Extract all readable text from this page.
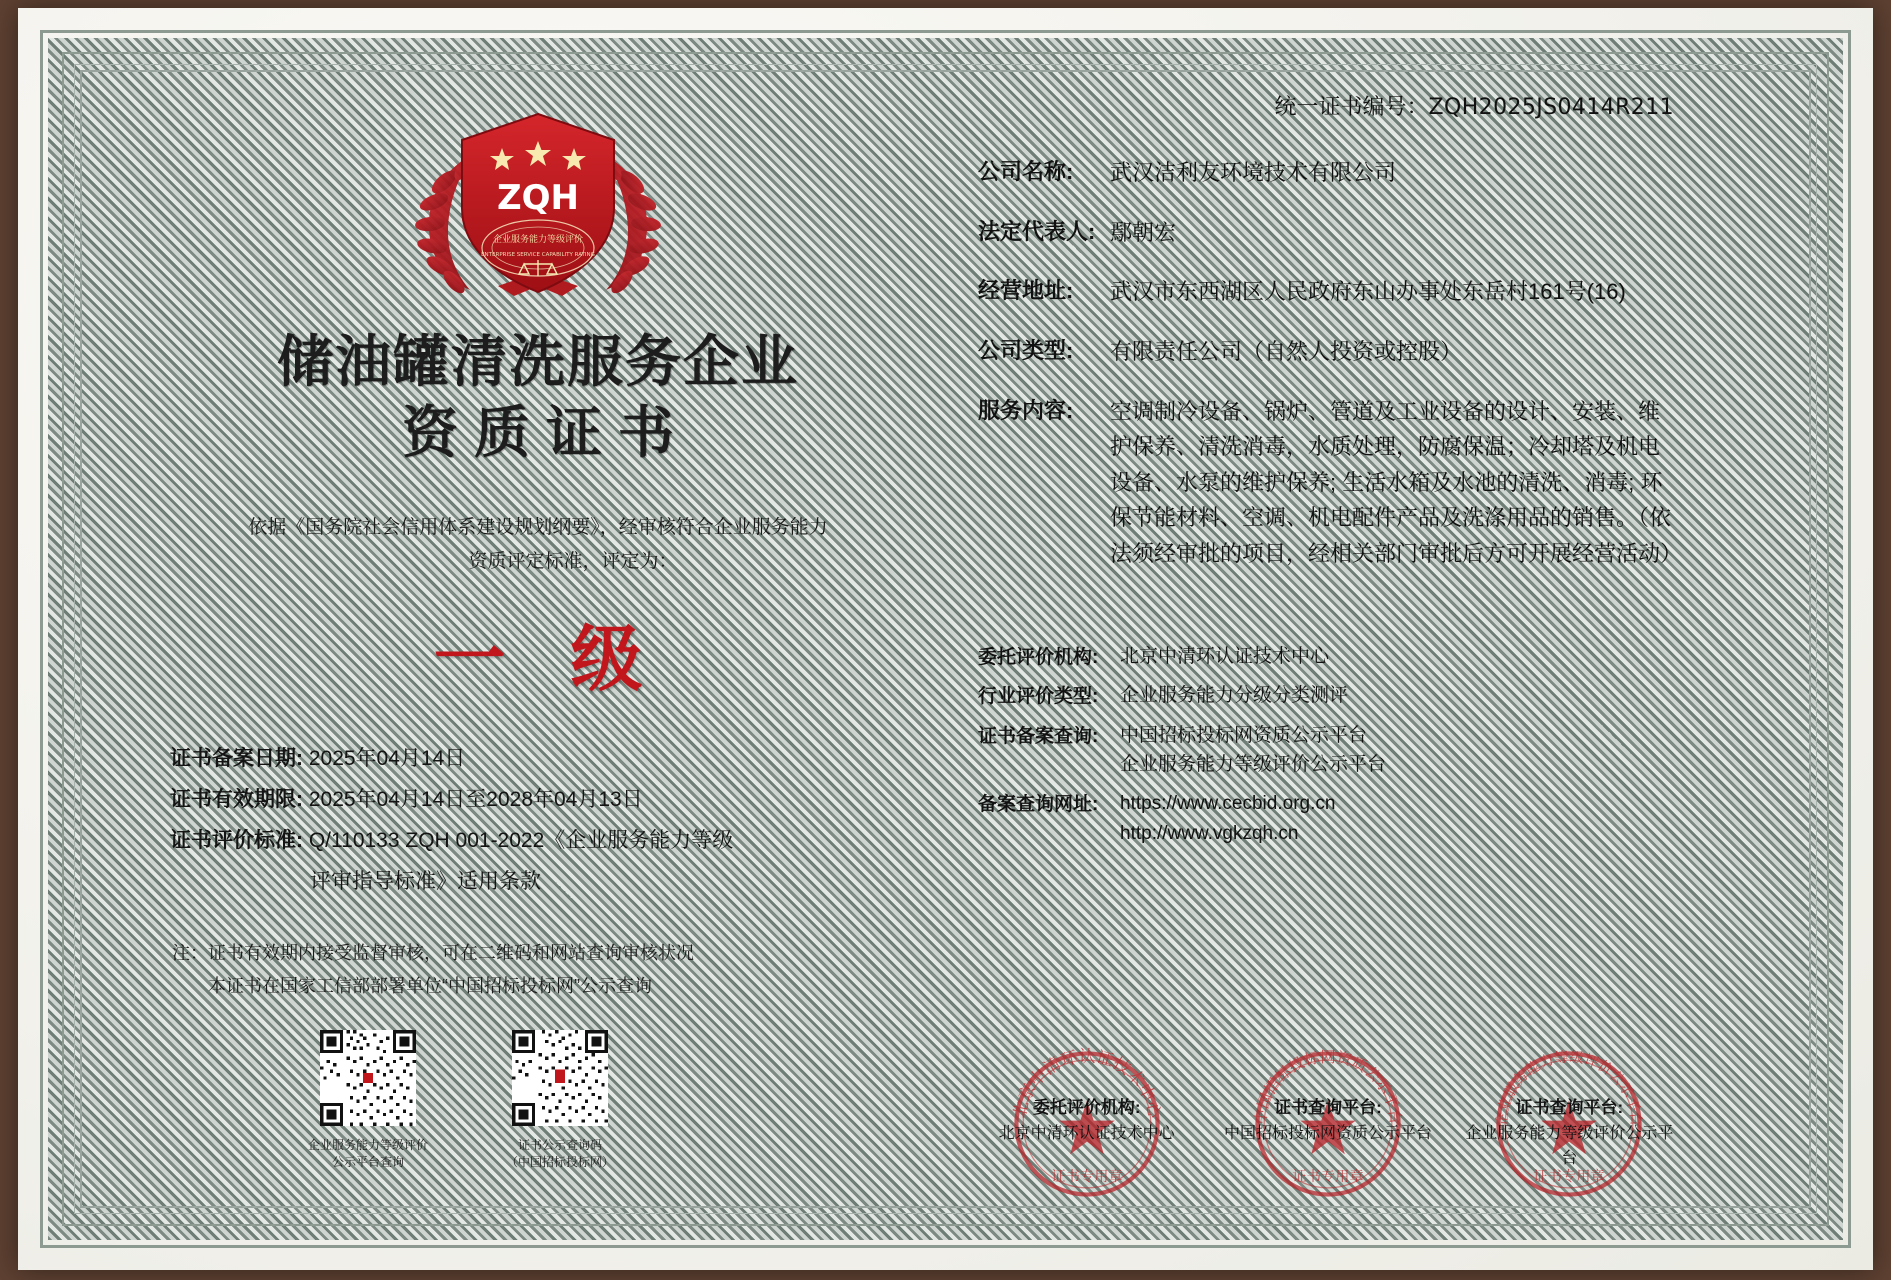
ZQH
企业服务能力等级评价
ENTERPRISE SERVICE CAPABILITY RATING
储油罐清洗服务企业
资质证书
依据《国务院社会信用体系建设规划纲要》，经审核符合企业服务能力
资质评定标准，评定为：
一 级
证书备案日期: 2025年04月14日
证书有效期限: 2025年04月14日至2028年04月13日
证书评价标准: Q/110133 ZQH 001-2022《企业服务能力等级
评审指导标准》适用条款
注：证书有效期内接受监督审核，可在二维码和网站查询审核状况
本证书在国家工信部部署单位“中国招标投标网”公示查询
企业服务能力等级评价
公示平台查询
证书公示查询码
（中国招标投标网）
统一证书编号：ZQH2025JS0414R211
公司名称:	武汉洁利友环境技术有限公司
法定代表人: 鄢朝宏
经营地址:	武汉市东西湖区人民政府东山办事处东岳村161号(16)
公司类型:	有限责任公司（自然人投资或控股）
服务内容:	空调制冷设备、锅炉、管道及工业设备的设计、安装、维护保养、清洗消毒，水质处理，防腐保温；冷却塔及机电设备、水泵的维护保养; 生活水箱及水池的清洗、消毒; 环保节能材料、空调、机电配件产品及洗涤用品的销售。（依法须经审批的项目，经相关部门审批后方可开展经营活动）
委托评价机构:	北京中清环认证技术中心
行业评价类型:	企业服务能力分级分类测评
证书备案查询:	中国招标投标网资质公示平台
企业服务能力等级评价公示平台
备案查询网址:	https://www.cecbid.org.cn
http://www.vgkzqh.cn
北京中清环认证技术中心
证书专用章
委托评价机构:
北京中清环认证技术中心
中国招标投标网资质公示平台
证书专用章
证书查询平台:
中国招标投标网资质公示平台
企业服务能力等级评价公示平台
证书专用章
证书查询平台:
企业服务能力等级评价公示平台
